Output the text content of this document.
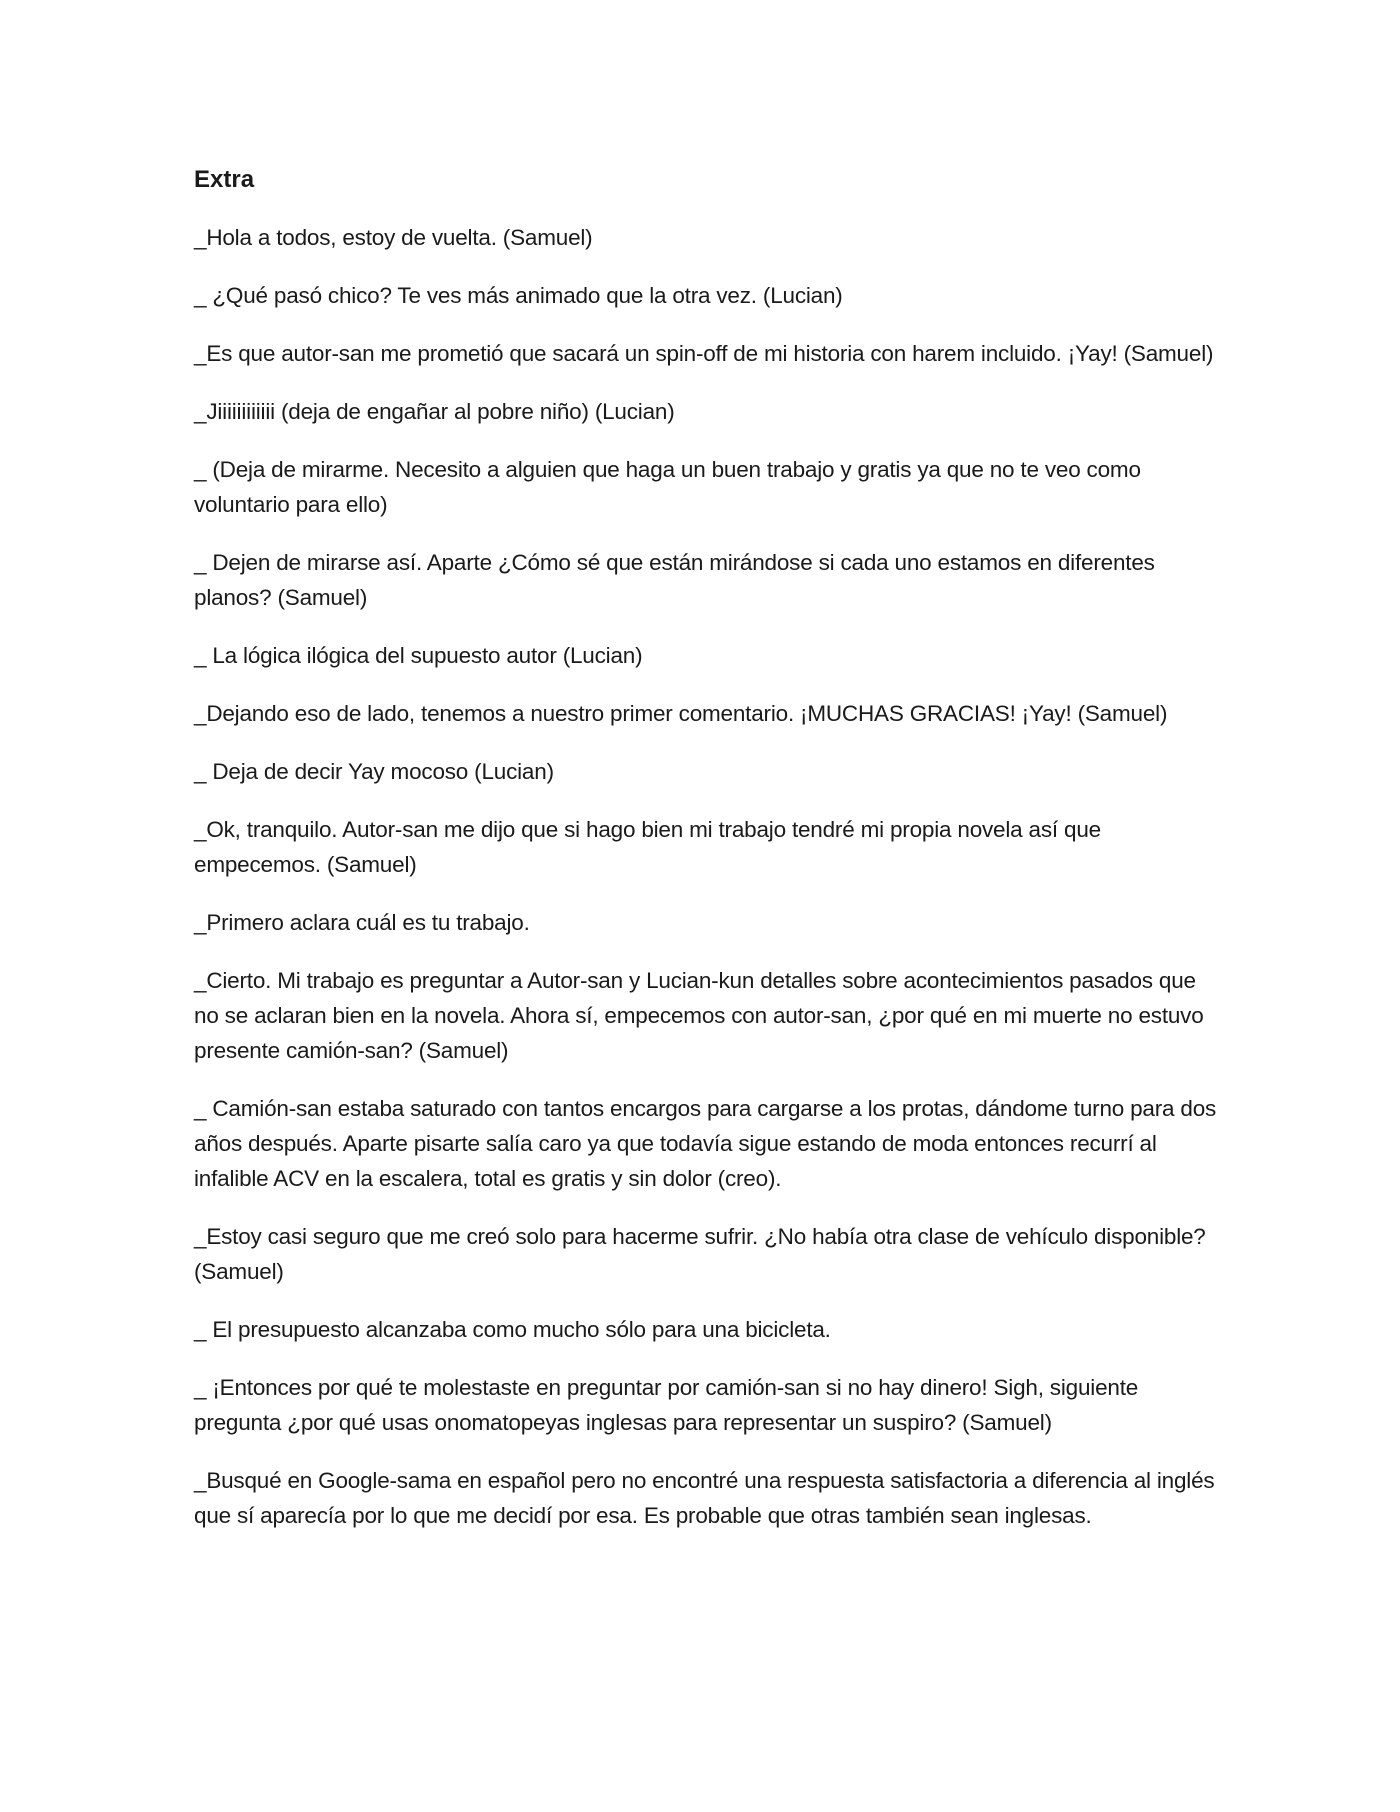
Extra

_Hola a todos, estoy de vuelta. (Samuel)

_ ¿Qué pasó chico? Te ves más animado que la otra vez. (Lucian)

_Es que autor-san me prometió que sacará un spin-off de mi historia con harem incluido. ¡Yay! (Samuel)

_Jiiiiiiiiiiii (deja de engañar al pobre niño) (Lucian)

_ (Deja de mirarme. Necesito a alguien que haga un buen trabajo y gratis ya que no te veo como voluntario para ello)

_ Dejen de mirarse así. Aparte ¿Cómo sé que están mirándose si cada uno estamos en diferentes planos? (Samuel)

_ La lógica ilógica del supuesto autor (Lucian)

_Dejando eso de lado, tenemos a nuestro primer comentario. ¡MUCHAS GRACIAS! ¡Yay! (Samuel)

_ Deja de decir Yay mocoso (Lucian)

_Ok, tranquilo. Autor-san me dijo que si hago bien mi trabajo tendré mi propia novela así que empecemos. (Samuel)

_Primero aclara cuál es tu trabajo.

_Cierto. Mi trabajo es preguntar a Autor-san y Lucian-kun detalles sobre acontecimientos pasados que no se aclaran bien en la novela. Ahora sí, empecemos con autor-san, ¿por qué en mi muerte no estuvo presente camión-san? (Samuel)

_ Camión-san estaba saturado con tantos encargos para cargarse a los protas, dándome turno para dos años después. Aparte pisarte salía caro ya que todavía sigue estando de moda entonces recurrí al infalible ACV en la escalera, total es gratis y sin dolor (creo).

_Estoy casi seguro que me creó solo para hacerme sufrir. ¿No había otra clase de vehículo disponible? (Samuel)

_ El presupuesto alcanzaba como mucho sólo para una bicicleta.

_ ¡Entonces por qué te molestaste en preguntar por camión-san si no hay dinero! Sigh, siguiente pregunta ¿por qué usas onomatopeyas inglesas para representar un suspiro? (Samuel)

_Busqué en Google-sama en español pero no encontré una respuesta satisfactoria a diferencia al inglés que sí aparecía por lo que me decidí por esa. Es probable que otras también sean inglesas.
